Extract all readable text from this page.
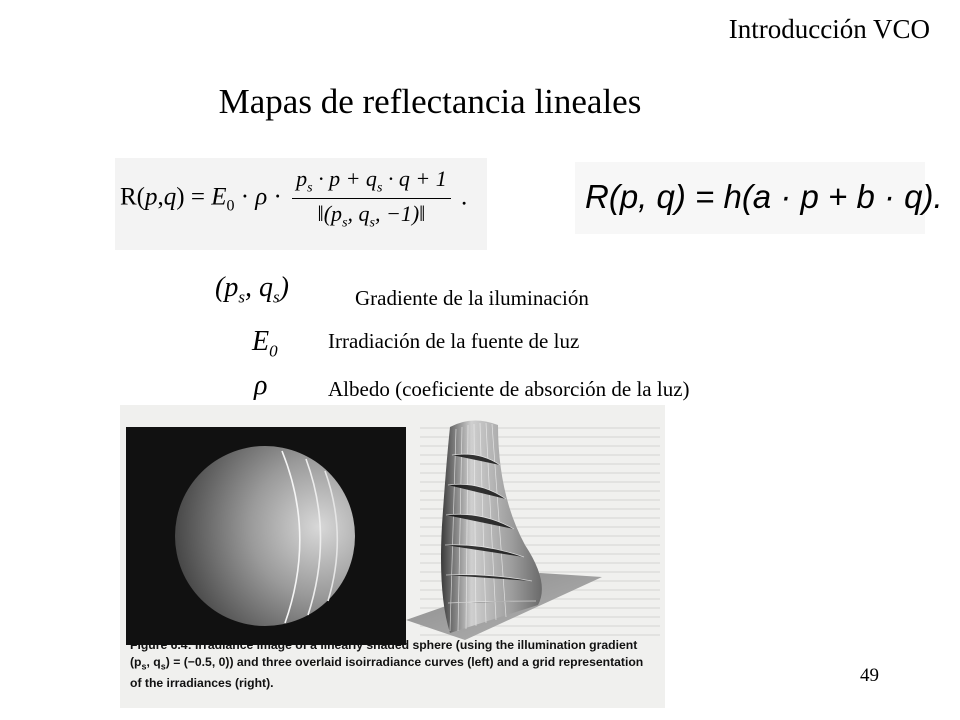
Introducción VCO
Mapas de reflectancia lineales
$R(p,q) = E_0 \cdot \rho \cdot \frac{p_s \cdot p + q_s \cdot q + 1}{‖(p_s, q_s, -1)‖}$ .	R(p, q) = h(a · p + b · q).
($p_s$, $q_s$)	Gradiente de la iluminación
$E_0$ Irradiación de la fuente de luz
ρ	Albedo (coeficiente de absorción de la luz)
Figure 6.4: Irradiance image of a linearly shaded sphere (using the illumination gradient
($p_s$, $q_s) = (-0.5$, 0)) and three overlaid isoirradiance curves (left) and a grid representation
of the irradiances (right).	49
